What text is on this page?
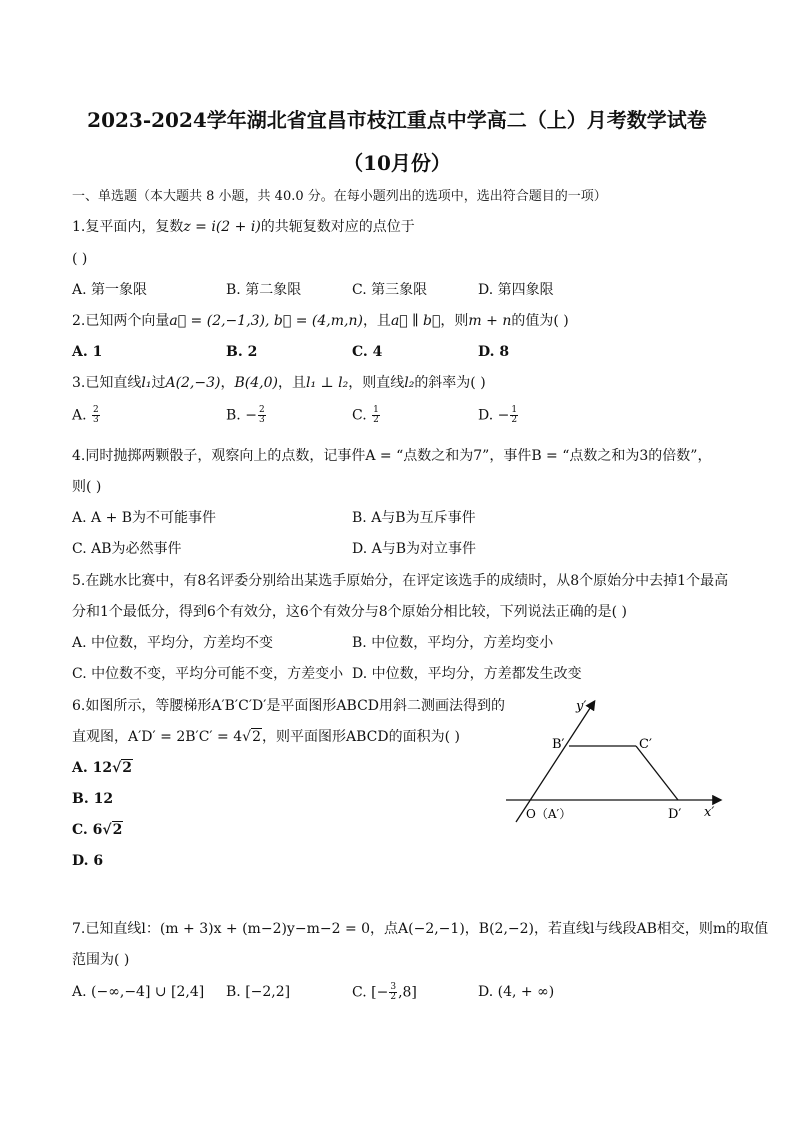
2023-2024学年湖北省宜昌市枝江重点中学高二（上）月考数学试卷
（10月份）
一、单选题（本大题共 8 小题，共 40.0 分。在每小题列出的选项中，选出符合题目的一项）
1.复平面内，复数z = i(2 + i)的共轭复数对应的点位于
( )
A. 第一象限	B. 第二象限	C. 第三象限	D. 第四象限
2.已知两个向量a⃗ = (2,−1,3), b⃗ = (4,m,n)，且a⃗ ∥ b⃗，则m + n的值为( )
A. 1	B. 2	C. 4	D. 8
3.已知直线l₁过A(2,−3)，B(4,0)，且l₁ ⊥ l₂，则直线l₂的斜率为( )
A. $\frac{2}{3}$	B. − $\frac{2}{3}$	C. $\frac{1}{2}$	D. − $\frac{1}{2}$
4.同时抛掷两颗骰子，观察向上的点数，记事件A = “点数之和为7”，事件B = “点数之和为3的倍数”，
则( )
A. A + B为不可能事件	B. A与B为互斥事件
C. AB为必然事件	D. A与B为对立事件
5.在跳水比赛中，有8名评委分别给出某选手原始分，在评定该选手的成绩时，从8个原始分中去掉1个最高
分和1个最低分，得到6个有效分，这6个有效分与8个原始分相比较，下列说法正确的是( )
A. 中位数，平均分，方差均不变	B. 中位数，平均分，方差均变小
C. 中位数不变，平均分可能不变，方差变小 D. 中位数，平均分，方差都发生改变
6.如图所示，等腰梯形A′B′C′D′是平面图形ABCD用斜二测画法得到的
直观图，A′D′ = 2B′C′ = 4√2，则平面图形ABCD的面积为( )
A. 12√2
B. 12
C. 6√2
D. 6
y′
x′
B′	C′
O（A′）	D′
7.已知直线l：(m + 3)x + (m−2)y−m−2 = 0，点A(−2,−1)，B(2,−2)，若直线l与线段AB相交，则m的取值
范围为( )
A. (−∞,−4] ∪ [2,4] B. [−2,2]	C. [− $\frac{3}{2} ,8$]	D. (4, + ∞)
